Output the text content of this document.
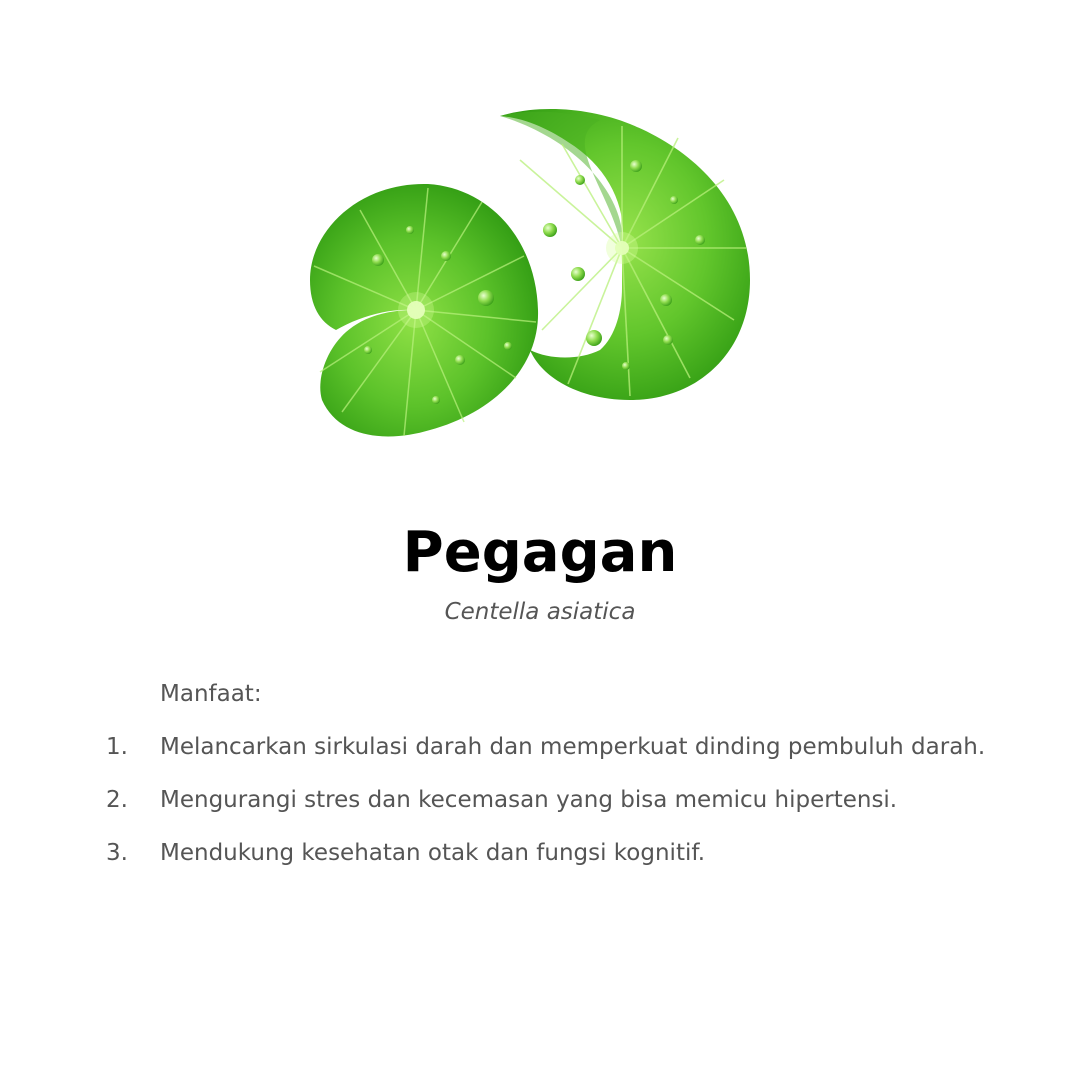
Pegagan
Centella asiatica
Manfaat:
1.	Melancarkan sirkulasi darah dan memperkuat dinding pembuluh darah.
2.	Mengurangi stres dan kecemasan yang bisa memicu hipertensi.
3.	Mendukung kesehatan otak dan fungsi kognitif.
